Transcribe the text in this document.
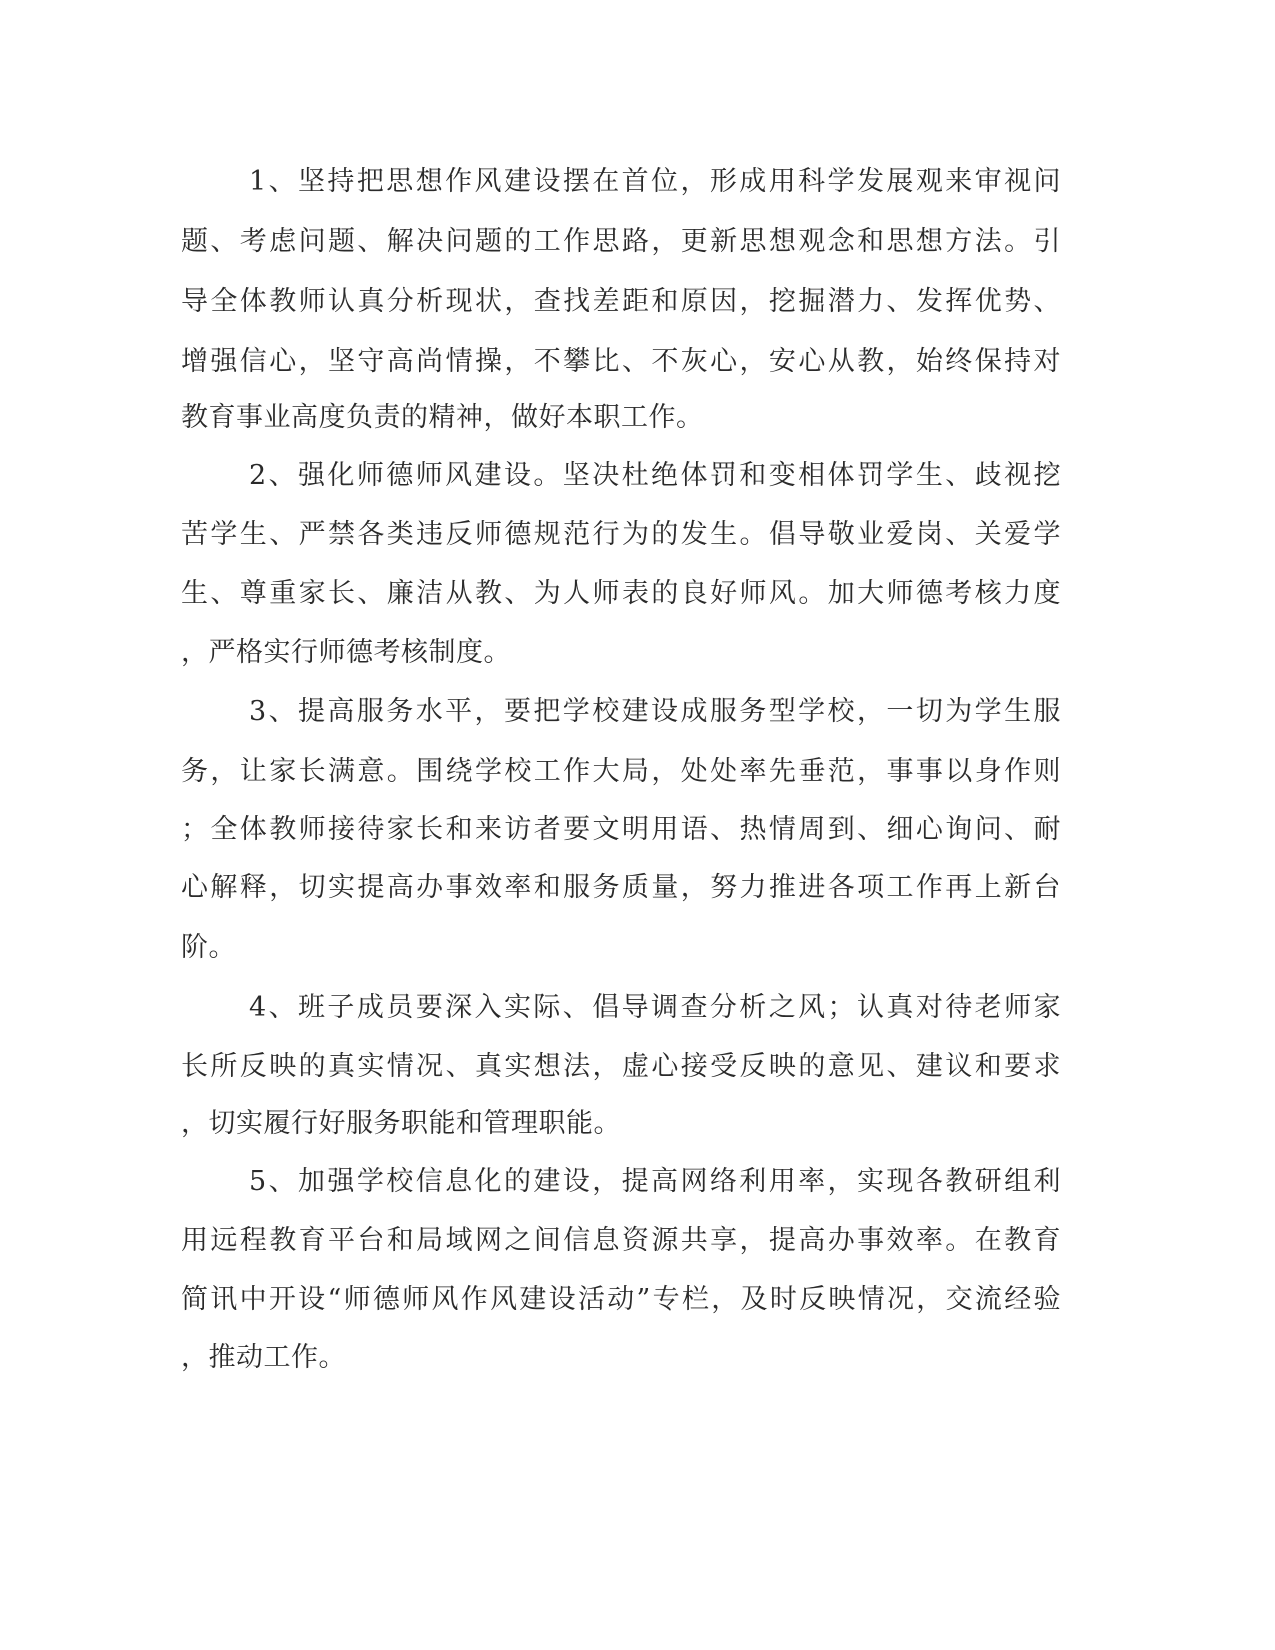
1、坚持把思想作风建设摆在首位，形成用科学发展观来审视问
题、考虑问题、解决问题的工作思路，更新思想观念和思想方法。引
导全体教师认真分析现状，查找差距和原因，挖掘潜力、发挥优势、
增强信心，坚守高尚情操，不攀比、不灰心，安心从教，始终保持对
教育事业高度负责的精神，做好本职工作。
2、强化师德师风建设。坚决杜绝体罚和变相体罚学生、歧视挖
苦学生、严禁各类违反师德规范行为的发生。倡导敬业爱岗、关爱学
生、尊重家长、廉洁从教、为人师表的良好师风。加大师德考核力度
，严格实行师德考核制度。
3、提高服务水平，要把学校建设成服务型学校，一切为学生服
务，让家长满意。围绕学校工作大局，处处率先垂范，事事以身作则
；全体教师接待家长和来访者要文明用语、热情周到、细心询问、耐
心解释，切实提高办事效率和服务质量，努力推进各项工作再上新台
阶。
4、班子成员要深入实际、倡导调查分析之风；认真对待老师家
长所反映的真实情况、真实想法，虚心接受反映的意见、建议和要求
，切实履行好服务职能和管理职能。
5、加强学校信息化的建设，提高网络利用率，实现各教研组利
用远程教育平台和局域网之间信息资源共享，提高办事效率。在教育
简讯中开设“师德师风作风建设活动”专栏，及时反映情况，交流经验
，推动工作。
